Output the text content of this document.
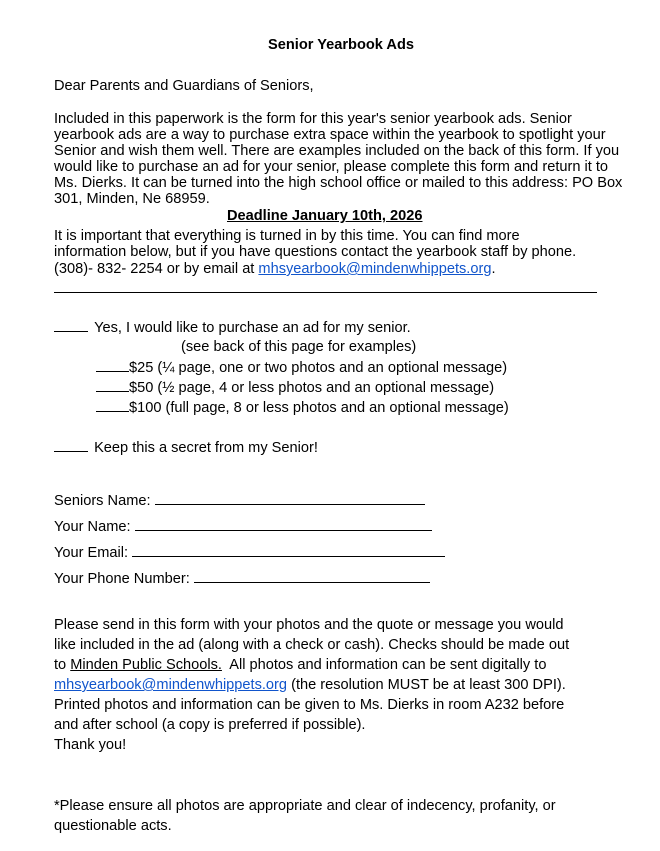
Senior Yearbook Ads
Dear Parents and Guardians of Seniors,
Included in this paperwork is the form for this year's senior yearbook ads. Senior
yearbook ads are a way to purchase extra space within the yearbook to spotlight your
Senior and wish them well. There are examples included on the back of this form. If you
would like to purchase an ad for your senior, please complete this form and return it to
Ms. Dierks. It can be turned into the high school office or mailed to this address: PO Box
301, Minden, Ne 68959.
Deadline January 10th, 2026
It is important that everything is turned in by this time. You can find more
information below, but if you have questions contact the yearbook staff by phone.
(308)- 832- 2254 or by email at mhsyearbook@mindenwhippets.org.
Yes, I would like to purchase an ad for my senior.
(see back of this page for examples)
$25 (¼ page, one or two photos and an optional message)
$50 (½ page, 4 or less photos and an optional message)
$100 (full page, 8 or less photos and an optional message)
Keep this a secret from my Senior!
Seniors Name:
Your Name:
Your Email:
Your Phone Number:
Please send in this form with your photos and the quote or message you would
like included in the ad (along with a check or cash). Checks should be made out
to Minden Public Schools.  All photos and information can be sent digitally to
mhsyearbook@mindenwhippets.org (the resolution MUST be at least 300 DPI).
Printed photos and information can be given to Ms. Dierks in room A232 before
and after school (a copy is preferred if possible).
Thank you!
*Please ensure all photos are appropriate and clear of indecency, profanity, or
questionable acts.
